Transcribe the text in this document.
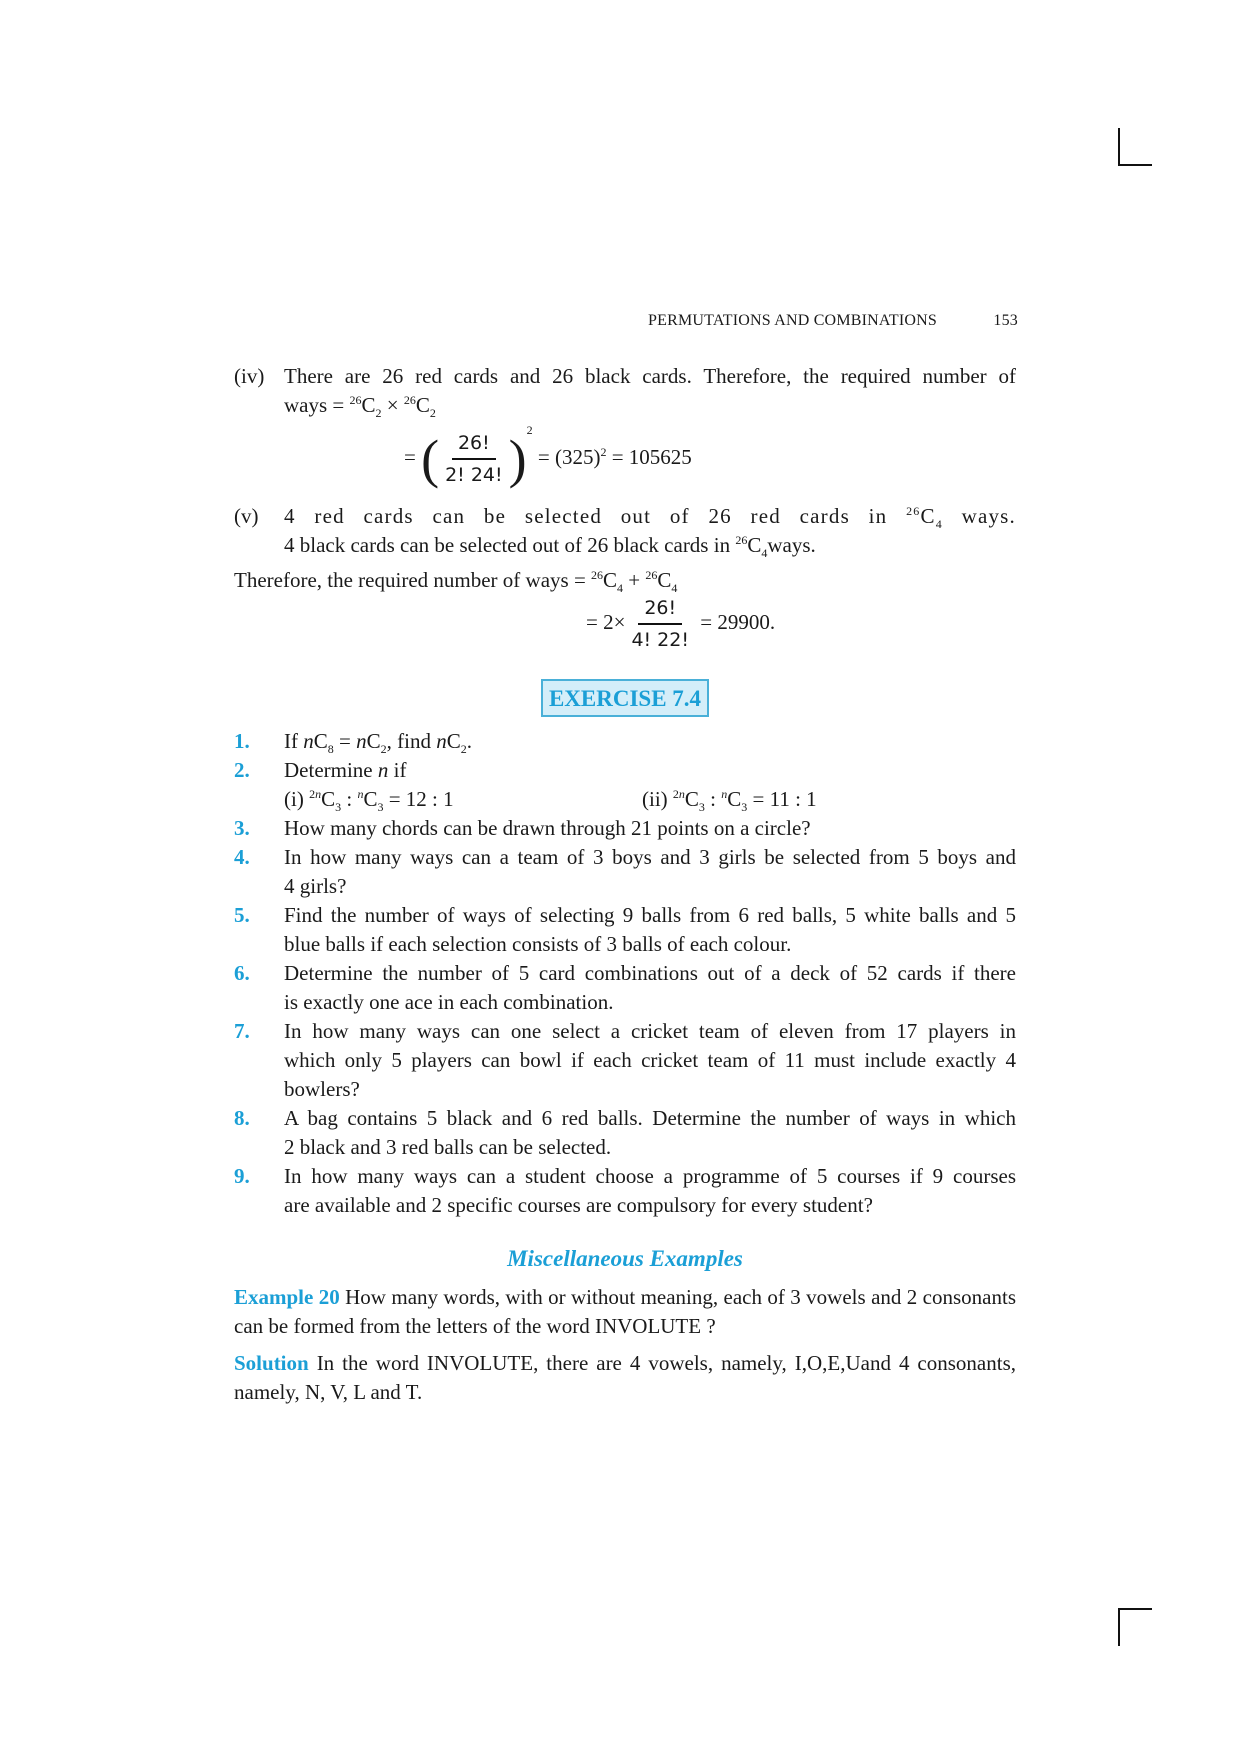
PERMUTATIONS AND COMBINATIONS	153
(iv) There are 26 red cards and 26 black cards. Therefore, the required number of
ways = $^{26}C_2 \times ^{26}C_2$
= ( $\frac{26!}{2! 24!} )^2 = (325)^2 = 105625$
(v) 4 red cards can be selected out of 26 red cards in $^{26}C_4$ ways.
4 black cards can be selected out of 26 black cards in $^{26}C_4ways$.
Therefore, the required number of ways = $^{26}C_4 + ^{26}C_4$
= $2\times \frac{26!}{4! 22!} = 29900$.
EXERCISE 7.4
1. If $nC_8 = nC_2$, find $nC_2$.
2. Determine n if
(i) $^{2n}C_3$ : $^nC_3 = 12$ : 1	(ii) $^{2n}C_3$ : $^nC_3 = 11$ : 1
3. How many chords can be drawn through 21 points on a circle?
4. In how many ways can a team of 3 boys and 3 girls be selected from 5 boys and
4 girls?
5. Find the number of ways of selecting 9 balls from 6 red balls, 5 white balls and 5
blue balls if each selection consists of 3 balls of each colour.
6. Determine the number of 5 card combinations out of a deck of 52 cards if there
is exactly one ace in each combination.
7. In how many ways can one select a cricket team of eleven from 17 players in
which only 5 players can bowl if each cricket team of 11 must include exactly 4
bowlers?
8. A bag contains 5 black and 6 red balls. Determine the number of ways in which
2 black and 3 red balls can be selected.
9. In how many ways can a student choose a programme of 5 courses if 9 courses
are available and 2 specific courses are compulsory for every student?
Miscellaneous Examples
Example 20 How many words, with or without meaning, each of 3 vowels and 2 consonants can be formed from the letters of the word INVOLUTE ?
Solution In the word INVOLUTE, there are 4 vowels, namely, I,O,E,Uand 4 consonants, namely, N, V, L and T.
